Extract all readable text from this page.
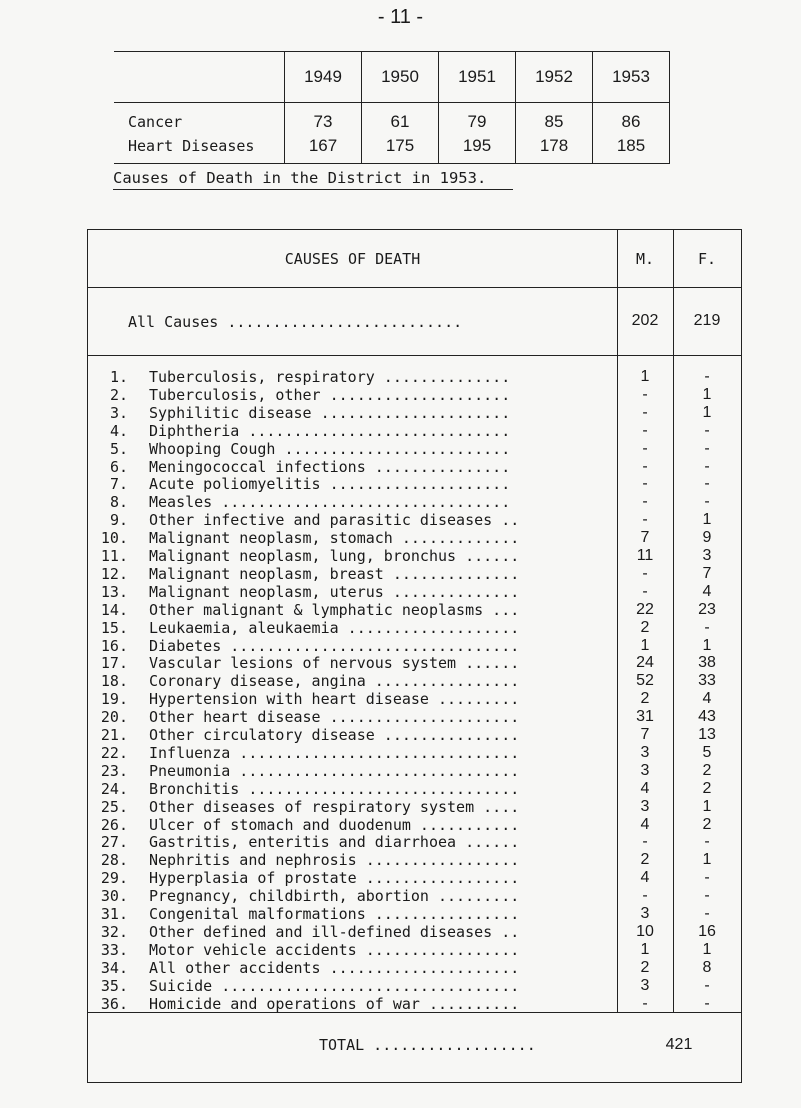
- 11 -
	1949	1950	1951	1952	1953
Cancer	73	61	79	85	86
Heart Diseases	167	175	195	178	185
Causes of Death in the District in 1953.
CAUSES OF DEATH	M.	F.
All Causes ..........................	202	219
1. Tuberculosis, respiratory ..............	1	-
2. Tuberculosis, other ....................	-	1
3. Syphilitic disease .....................	-	1
4. Diphtheria .............................	-	-
5. Whooping Cough .........................	-	-
6. Meningococcal infections ...............	-	-
7. Acute poliomyelitis ....................	-	-
8. Measles ................................	-	-
9. Other infective and parasitic diseases ..	-	1
10. Malignant neoplasm, stomach .............	7	9
11. Malignant neoplasm, lung, bronchus ......	11	3
12. Malignant neoplasm, breast ..............	-	7
13. Malignant neoplasm, uterus ..............	-	4
14. Other malignant & lymphatic neoplasms ...	22	23
15. Leukaemia, aleukaemia ...................	2	-
16. Diabetes ................................	1	1
17. Vascular lesions of nervous system ......	24	38
18. Coronary disease, angina ................	52	33
19. Hypertension with heart disease .........	2	4
20. Other heart disease .....................	31	43
21. Other circulatory disease ...............	7	13
22. Influenza ...............................	3	5
23. Pneumonia ...............................	3	2
24. Bronchitis ..............................	4	2
25. Other diseases of respiratory system ....	3	1
26. Ulcer of stomach and duodenum ...........	4	2
27. Gastritis, enteritis and diarrhoea ......	-	-
28. Nephritis and nephrosis .................	2	1
29. Hyperplasia of prostate .................	4	-
30. Pregnancy, childbirth, abortion .........	-	-
31. Congenital malformations ................	3	-
32. Other defined and ill-defined diseases ..	10	16
33. Motor vehicle accidents .................	1	1
34. All other accidents .....................	2	8
35. Suicide .................................	3	-
36. Homicide and operations of war ..........	-	-
TOTAL ..................	421
